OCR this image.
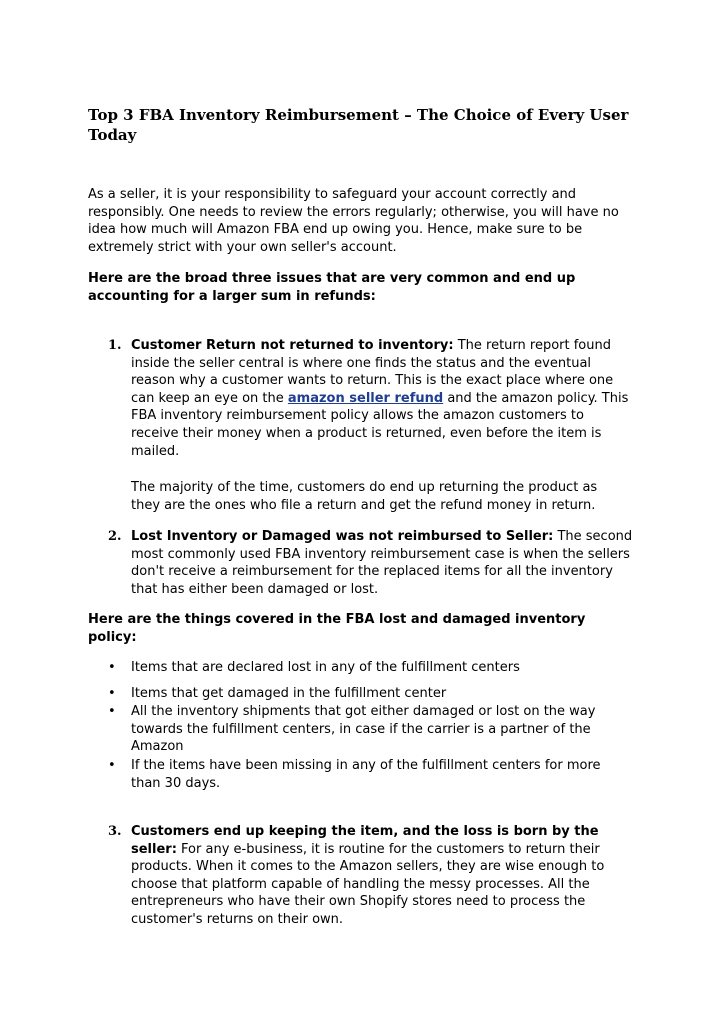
Top 3 FBA Inventory Reimbursement – The Choice of Every User Today

As a seller, it is your responsibility to safeguard your account correctly and responsibly. One needs to review the errors regularly; otherwise, you will have no idea how much will Amazon FBA end up owing you. Hence, make sure to be extremely strict with your own seller's account.

Here are the broad three issues that are very common and end up accounting for a larger sum in refunds:

1. Customer Return not returned to inventory: The return report found inside the seller central is where one finds the status and the eventual reason why a customer wants to return. This is the exact place where one can keep an eye on the amazon seller refund and the amazon policy. This FBA inventory reimbursement policy allows the amazon customers to receive their money when a product is returned, even before the item is mailed.

The majority of the time, customers do end up returning the product as they are the ones who file a return and get the refund money in return.

2. Lost Inventory or Damaged was not reimbursed to Seller: The second most commonly used FBA inventory reimbursement case is when the sellers don't receive a reimbursement for the replaced items for all the inventory that has either been damaged or lost.

Here are the things covered in the FBA lost and damaged inventory policy:

• Items that are declared lost in any of the fulfillment centers

• Items that get damaged in the fulfillment center

• All the inventory shipments that got either damaged or lost on the way towards the fulfillment centers, in case if the carrier is a partner of the Amazon

• If the items have been missing in any of the fulfillment centers for more than 30 days.

3. Customers end up keeping the item, and the loss is born by the seller: For any e-business, it is routine for the customers to return their products. When it comes to the Amazon sellers, they are wise enough to choose that platform capable of handling the messy processes. All the entrepreneurs who have their own Shopify stores need to process the customer's returns on their own.
